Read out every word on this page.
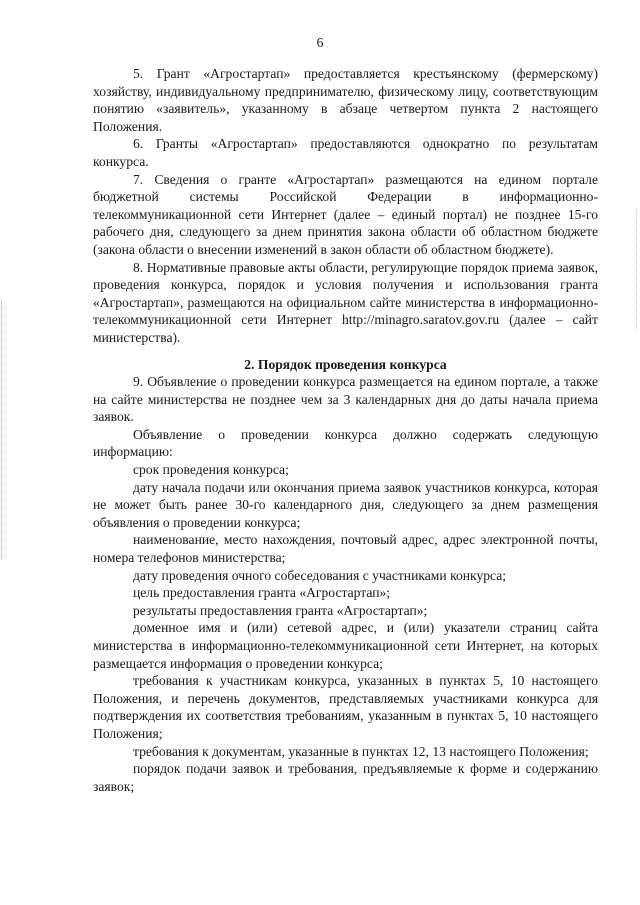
6

5. Грант «Агростартап» предоставляется крестьянскому (фермерскому) хозяйству, индивидуальному предпринимателю, физическому лицу, соответствующим понятию «заявитель», указанному в абзаце четвертом пункта 2 настоящего Положения.

6. Гранты «Агростартап» предоставляются однократно по результатам конкурса.

7. Сведения о гранте «Агростартап» размещаются на едином портале бюджетной системы Российской Федерации в информационно-телекоммуникационной сети Интернет (далее – единый портал) не позднее 15-го рабочего дня, следующего за днем принятия закона области об областном бюджете (закона области о внесении изменений в закон области об областном бюджете).

8. Нормативные правовые акты области, регулирующие порядок приема заявок, проведения конкурса, порядок и условия получения и использования гранта «Агростартап», размещаются на официальном сайте министерства в информационно-телекоммуникационной сети Интернет http://minagro.saratov.gov.ru (далее – сайт министерства).

2. Порядок проведения конкурса

9. Объявление о проведении конкурса размещается на едином портале, а также на сайте министерства не позднее чем за 3 календарных дня до даты начала приема заявок.

Объявление о проведении конкурса должно содержать следующую информацию:

срок проведения конкурса;

дату начала подачи или окончания приема заявок участников конкурса, которая не может быть ранее 30-го календарного дня, следующего за днем размещения объявления о проведении конкурса;

наименование, место нахождения, почтовый адрес, адрес электронной почты, номера телефонов министерства;

дату проведения очного собеседования с участниками конкурса;

цель предоставления гранта «Агростартап»;

результаты предоставления гранта «Агростартап»;

доменное имя и (или) сетевой адрес, и (или) указатели страниц сайта министерства в информационно-телекоммуникационной сети Интернет, на которых размещается информация о проведении конкурса;

требования к участникам конкурса, указанных в пунктах 5, 10 настоящего Положения, и перечень документов, представляемых участниками конкурса для подтверждения их соответствия требованиям, указанным в пунктах 5, 10 настоящего Положения;

требования к документам, указанные в пунктах 12, 13 настоящего Положения;

порядок подачи заявок и требования, предъявляемые к форме и содержанию заявок;
